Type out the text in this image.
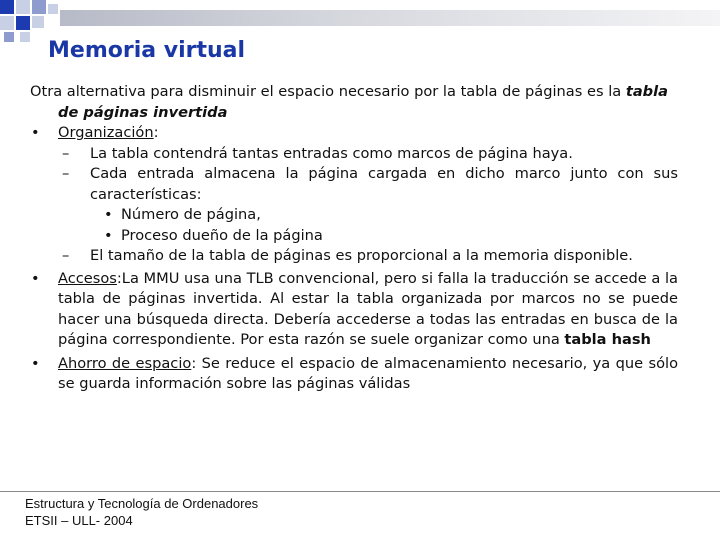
Memoria virtual

Otra alternativa para disminuir el espacio necesario por la tabla de páginas es la tabla de páginas invertida

• Organización:
– La tabla contendrá tantas entradas como marcos de página haya.
– Cada entrada almacena la página cargada en dicho marco junto con sus características:
• Número de página,
• Proceso dueño de la página
– El tamaño de la tabla de páginas es proporcional a la memoria disponible.
• Accesos:La MMU usa una TLB convencional, pero si falla la traducción se accede a la tabla de páginas invertida. Al estar la tabla organizada por marcos no se puede hacer una búsqueda directa. Debería accederse a todas las entradas en busca de la página correspondiente. Por esta razón se suele organizar como una tabla hash
• Ahorro de espacio: Se reduce el espacio de almacenamiento necesario, ya que sólo se guarda información sobre las páginas válidas
Estructura y Tecnología de Ordenadores
ETSII – ULL- 2004
